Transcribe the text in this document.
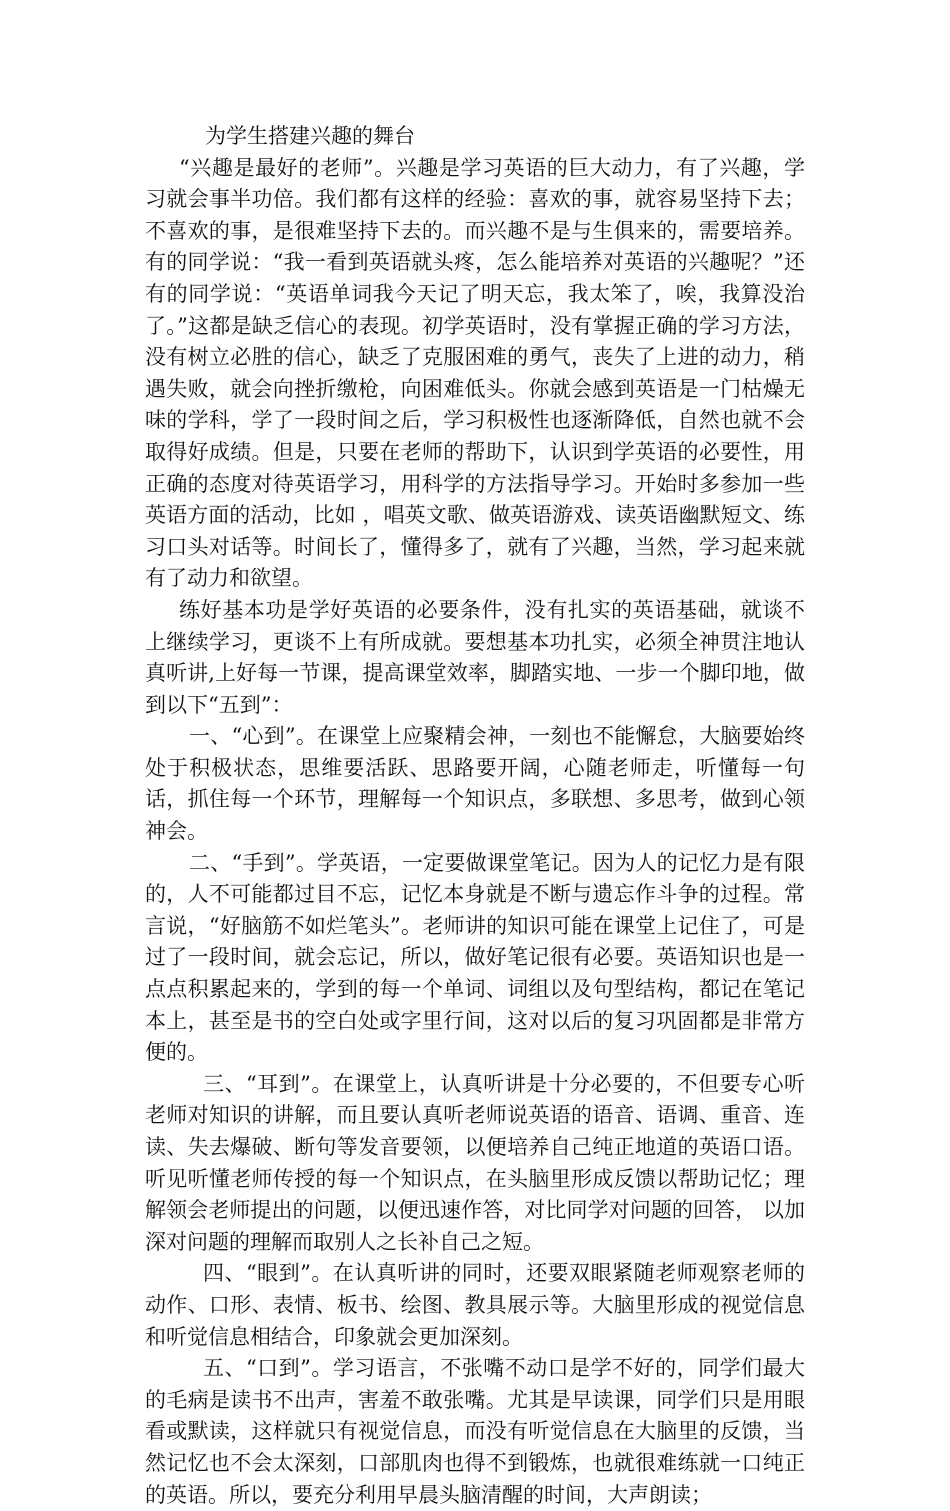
为学生搭建兴趣的舞台

“兴趣是最好的老师”。兴趣是学习英语的巨大动力，有了兴趣，学习就会事半功倍。我们都有这样的经验：喜欢的事，就容易坚持下去；不喜欢的事，是很难坚持下去的。而兴趣不是与生俱来的，需要培养。有的同学说：“我一看到英语就头疼，怎么能培养对英语的兴趣呢？”还有的同学说：“英语单词我今天记了明天忘，我太笨了，唉，我算没治了。”这都是缺乏信心的表现。初学英语时，没有掌握正确的学习方法，没有树立必胜的信心，缺乏了克服困难的勇气，丧失了上进的动力，稍遇失败，就会向挫折缴枪，向困难低头。你就会感到英语是一门枯燥无味的学科，学了一段时间之后，学习积极性也逐渐降低，自然也就不会取得好成绩。但是，只要在老师的帮助下，认识到学英语的必要性，用正确的态度对待英语学习，用科学的方法指导学习。开始时多参加一些英语方面的活动，比如 ，唱英文歌、做英语游戏、读英语幽默短文、练习口头对话等。时间长了，懂得多了，就有了兴趣，当然，学习起来就有了动力和欲望。

练好基本功是学好英语的必要条件，没有扎实的英语基础，就谈不上继续学习，更谈不上有所成就。要想基本功扎实，必须全神贯注地认真听讲,上好每一节课，提高课堂效率，脚踏实地、一步一个脚印地，做到以下“五到”：

一、“心到”。在课堂上应聚精会神，一刻也不能懈怠，大脑要始终处于积极状态，思维要活跃、思路要开阔，心随老师走，听懂每一句话，抓住每一个环节，理解每一个知识点，多联想、多思考，做到心领神会。

二、“手到”。学英语，一定要做课堂笔记。因为人的记忆力是有限的，人不可能都过目不忘，记忆本身就是不断与遗忘作斗争的过程。常言说，“好脑筋不如烂笔头”。老师讲的知识可能在课堂上记住了，可是过了一段时间，就会忘记，所以，做好笔记很有必要。英语知识也是一点点积累起来的，学到的每一个单词、词组以及句型结构，都记在笔记本上，甚至是书的空白处或字里行间，这对以后的复习巩固都是非常方便的。

三、“耳到”。在课堂上，认真听讲是十分必要的，不但要专心听老师对知识的讲解，而且要认真听老师说英语的语音、语调、重音、连读、失去爆破、断句等发音要领，以便培养自己纯正地道的英语口语。听见听懂老师传授的每一个知识点，在头脑里形成反馈以帮助记忆；理解领会老师提出的问题，以便迅速作答，对比同学对问题的回答， 以加深对问题的理解而取别人之长补自己之短。

四、“眼到”。在认真听讲的同时，还要双眼紧随老师观察老师的动作、口形、表情、板书、绘图、教具展示等。大脑里形成的视觉信息和听觉信息相结合，印象就会更加深刻。

五、“口到”。学习语言，不张嘴不动口是学不好的，同学们最大的毛病是读书不出声，害羞不敢张嘴。尤其是早读课，同学们只是用眼看或默读，这样就只有视觉信息，而没有听觉信息在大脑里的反馈，当然记忆也不会太深刻，口部肌肉也得不到锻炼，也就很难练就一口纯正的英语。所以，要充分利用早晨头脑清醒的时间，大声朗读；
